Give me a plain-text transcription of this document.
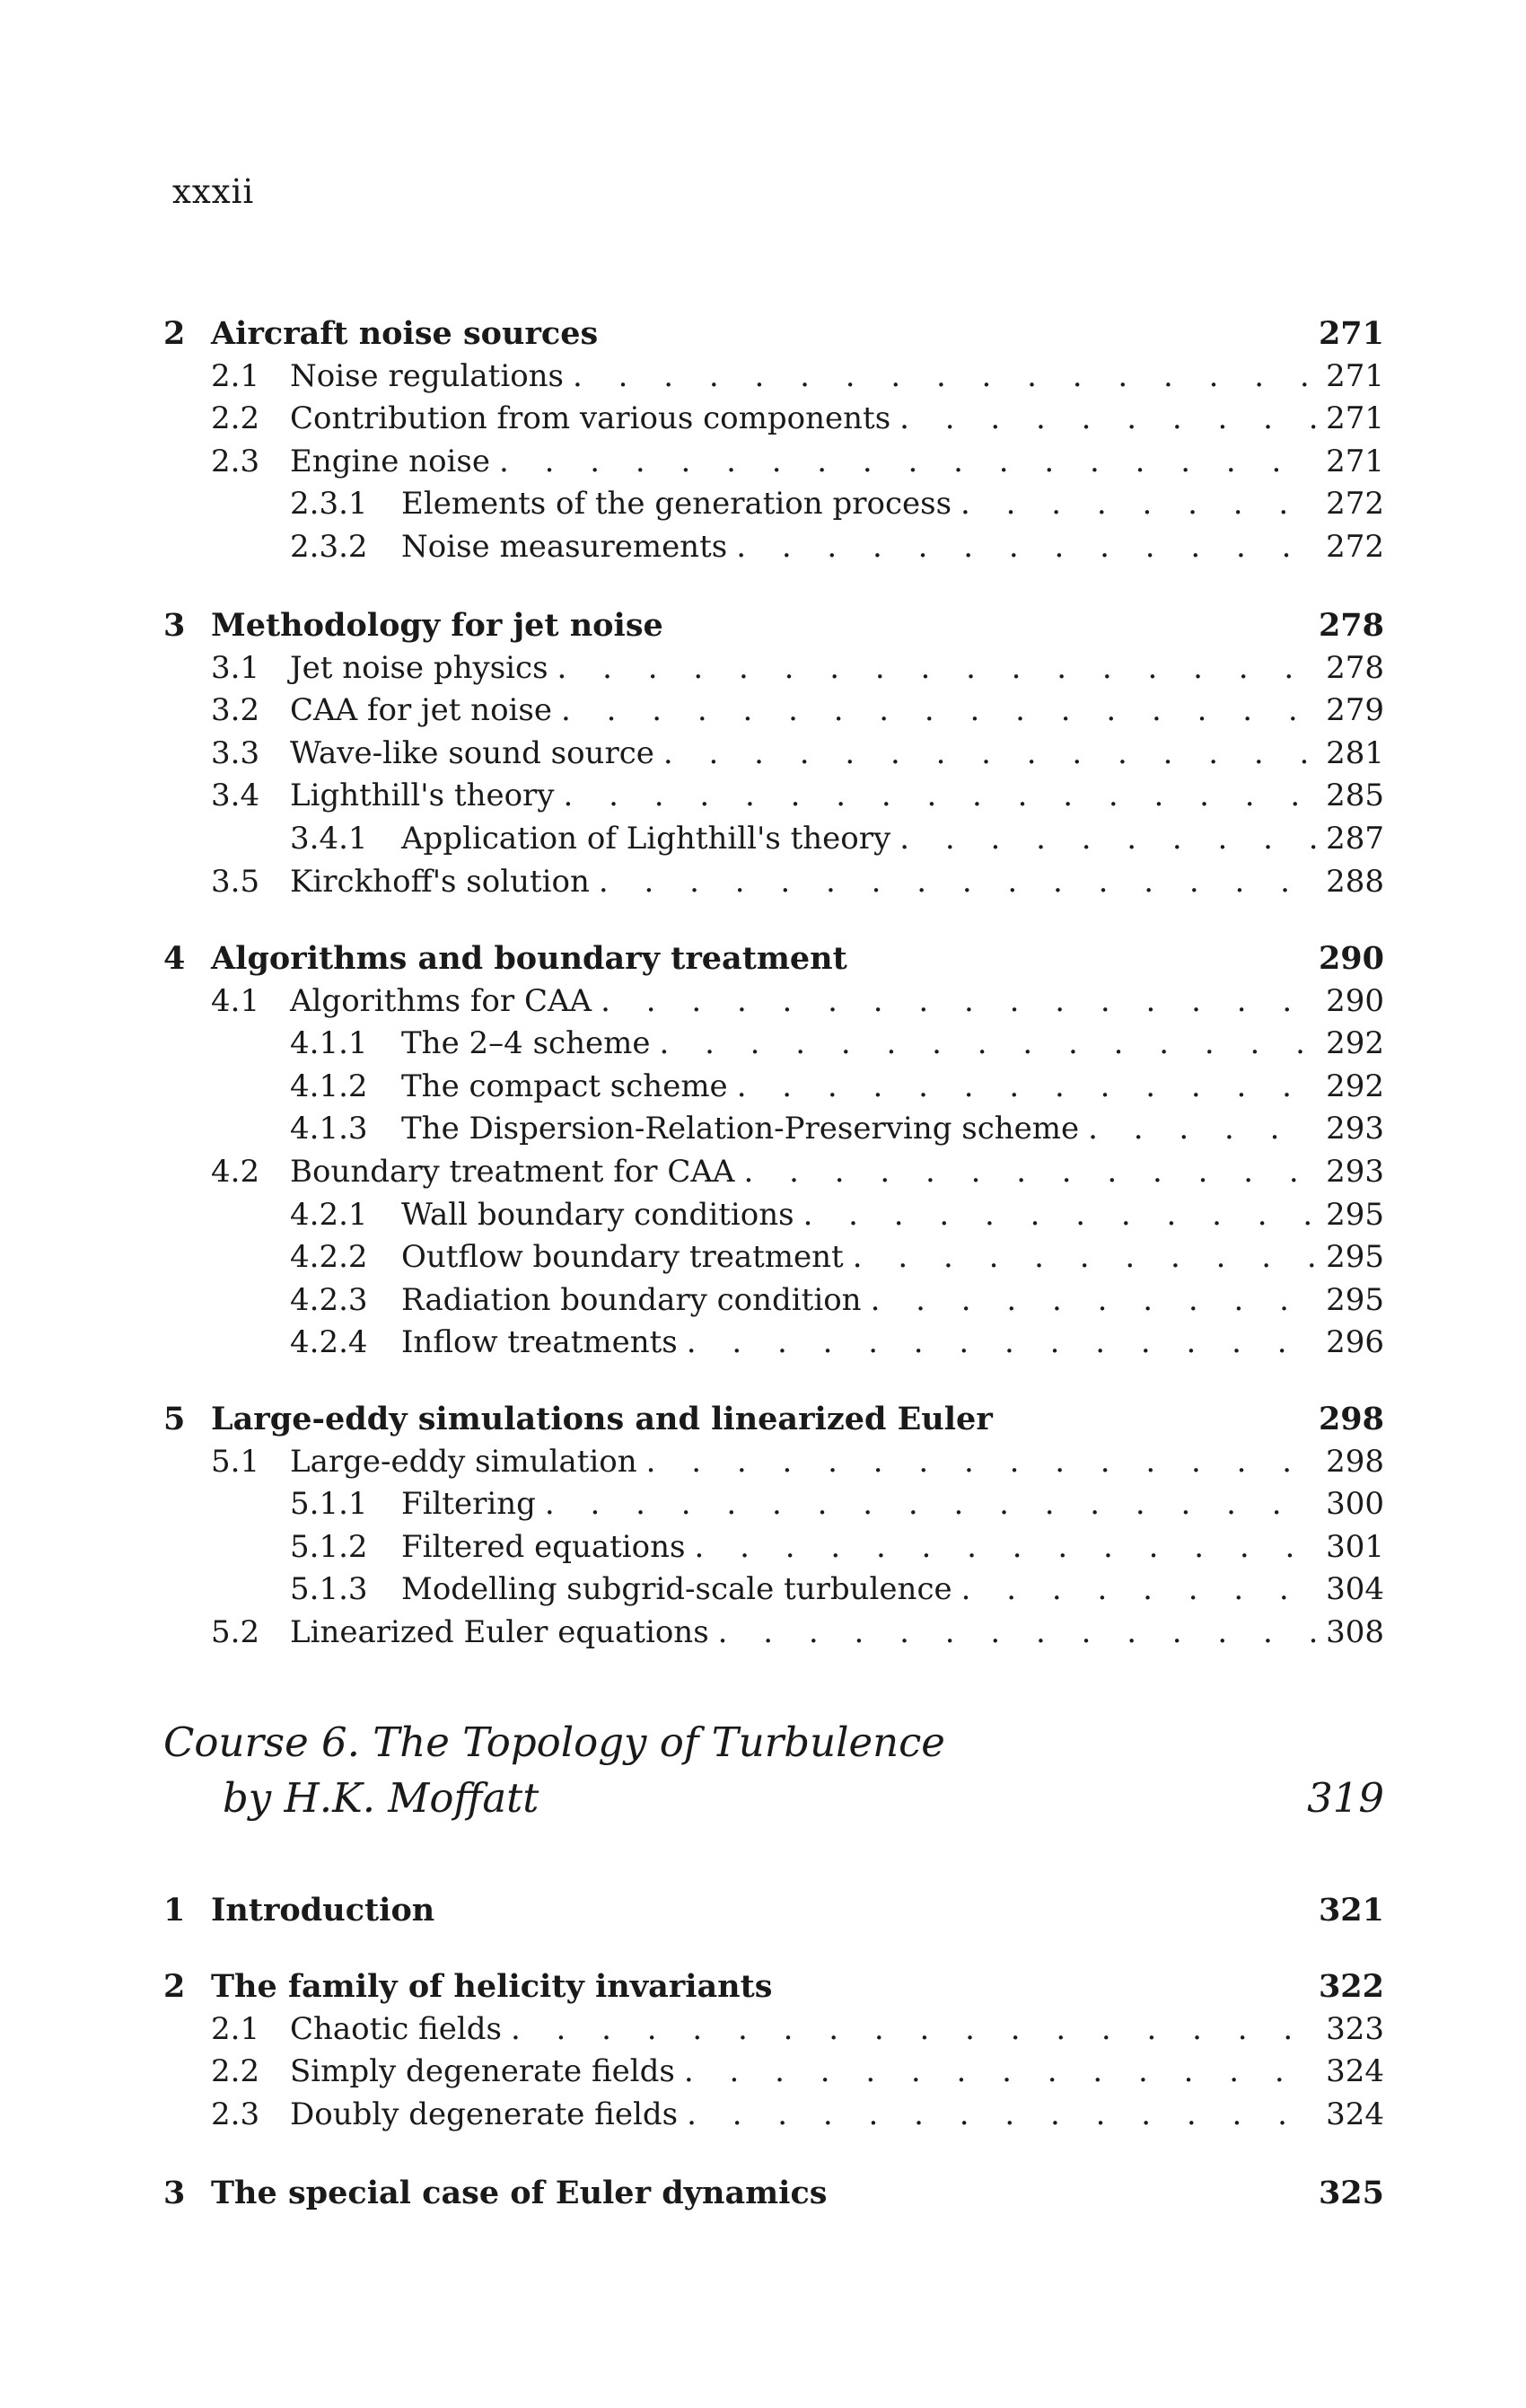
xxxii
2 Aircraft noise sources	271
2.1 Noise regulations . . .	271
2.2 Contribution from various components . . .	271
2.3 Engine noise . . .	271
2.3.1	Elements of the generation process . . .	272
2.3.2	Noise measurements . . .	272
3 Methodology for jet noise	278
3.1 Jet noise physics . . .	278
3.2 CAA for jet noise . . .	279
3.3 Wave-like sound source . . .	281
3.4 Lighthill's theory . . .	285
3.4.1	Application of Lighthill's theory . . .	287
3.5 Kirckhoff's solution . . .	288
4 Algorithms and boundary treatment	290
4.1 Algorithms for CAA . . .	290
4.1.1	The 2–4 scheme . . .	292
4.1.2	The compact scheme . . .	292
4.1.3	The Dispersion-Relation-Preserving scheme . . .	293
4.2 Boundary treatment for CAA . . .	293
4.2.1	Wall boundary conditions . . .	295
4.2.2	Outflow boundary treatment . . .	295
4.2.3	Radiation boundary condition . . .	295
4.2.4	Inflow treatments . . .	296
5 Large-eddy simulations and linearized Euler	298
5.1 Large-eddy simulation . . .	298
5.1.1	Filtering . . .	300
5.1.2	Filtered equations . . .	301
5.1.3	Modelling subgrid-scale turbulence . . .	304
5.2 Linearized Euler equations . . .	308
Course 6. The Topology of Turbulence
by H.K. Moffatt	319
1 Introduction	321
2 The family of helicity invariants	322
2.1 Chaotic fields . . .	323
2.2 Simply degenerate fields . . .	324
2.3 Doubly degenerate fields . . .	324
3 The special case of Euler dynamics	325
